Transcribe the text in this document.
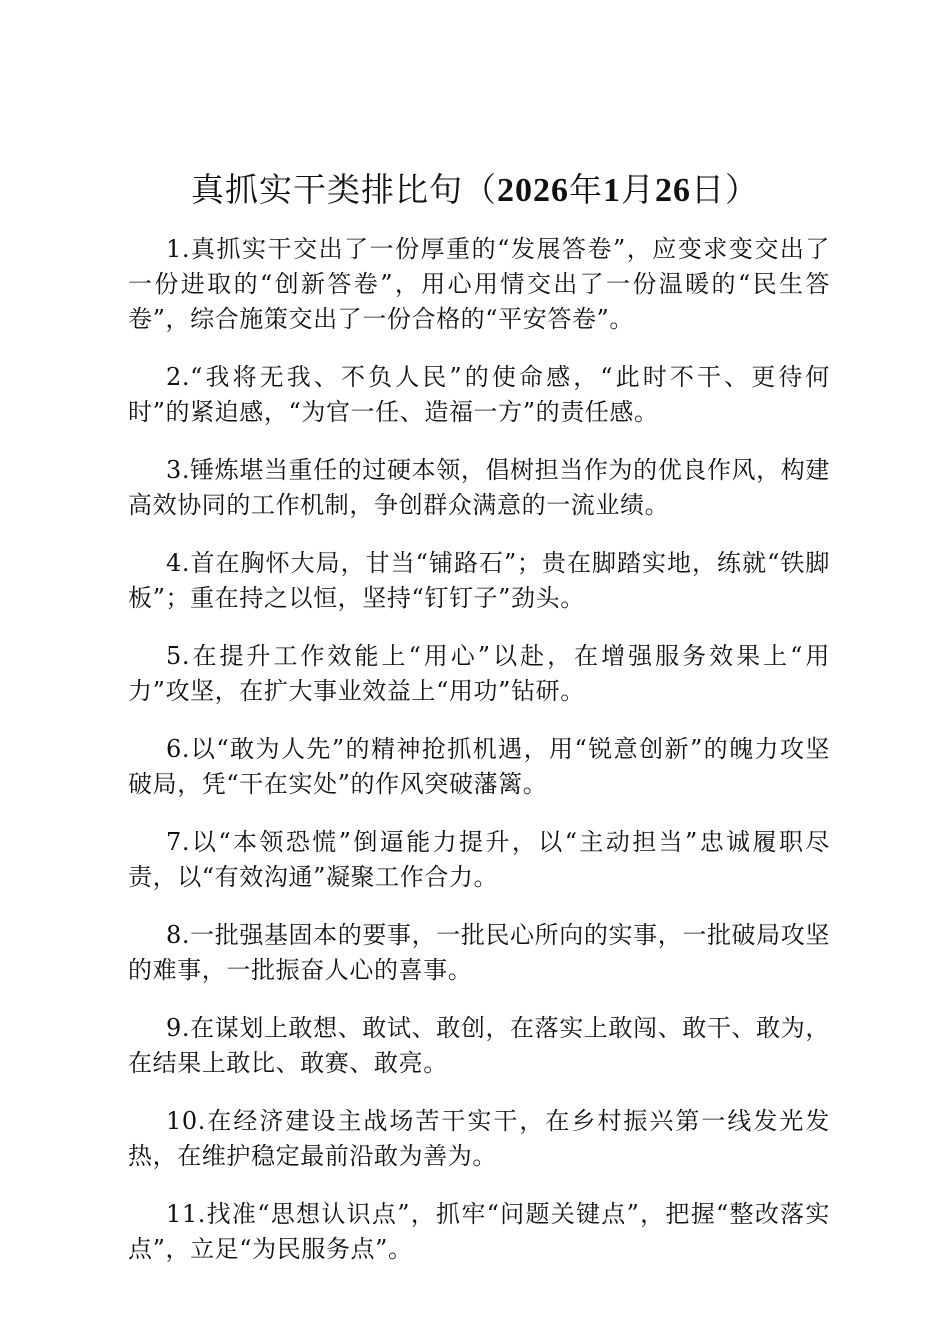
真抓实干类排比句（2026年1月26日）

1.真抓实干交出了一份厚重的“发展答卷”，应变求变交出了一份进取的“创新答卷”，用心用情交出了一份温暖的“民生答卷”，综合施策交出了一份合格的“平安答卷”。

2.“我将无我、不负人民”的使命感，“此时不干、更待何时”的紧迫感，“为官一任、造福一方”的责任感。

3.锤炼堪当重任的过硬本领，倡树担当作为的优良作风，构建高效协同的工作机制，争创群众满意的一流业绩。

4.首在胸怀大局，甘当“铺路石”；贵在脚踏实地，练就“铁脚板”；重在持之以恒，坚持“钉钉子”劲头。

5.在提升工作效能上“用心”以赴，在增强服务效果上“用力”攻坚，在扩大事业效益上“用功”钻研。

6.以“敢为人先”的精神抢抓机遇，用“锐意创新”的魄力攻坚破局，凭“干在实处”的作风突破藩篱。

7.以“本领恐慌”倒逼能力提升，以“主动担当”忠诚履职尽责，以“有效沟通”凝聚工作合力。

8.一批强基固本的要事，一批民心所向的实事，一批破局攻坚的难事，一批振奋人心的喜事。

9.在谋划上敢想、敢试、敢创，在落实上敢闯、敢干、敢为，在结果上敢比、敢赛、敢亮。

10.在经济建设主战场苦干实干，在乡村振兴第一线发光发热，在维护稳定最前沿敢为善为。

11.找准“思想认识点”，抓牢“问题关键点”，把握“整改落实点”，立足“为民服务点”。
